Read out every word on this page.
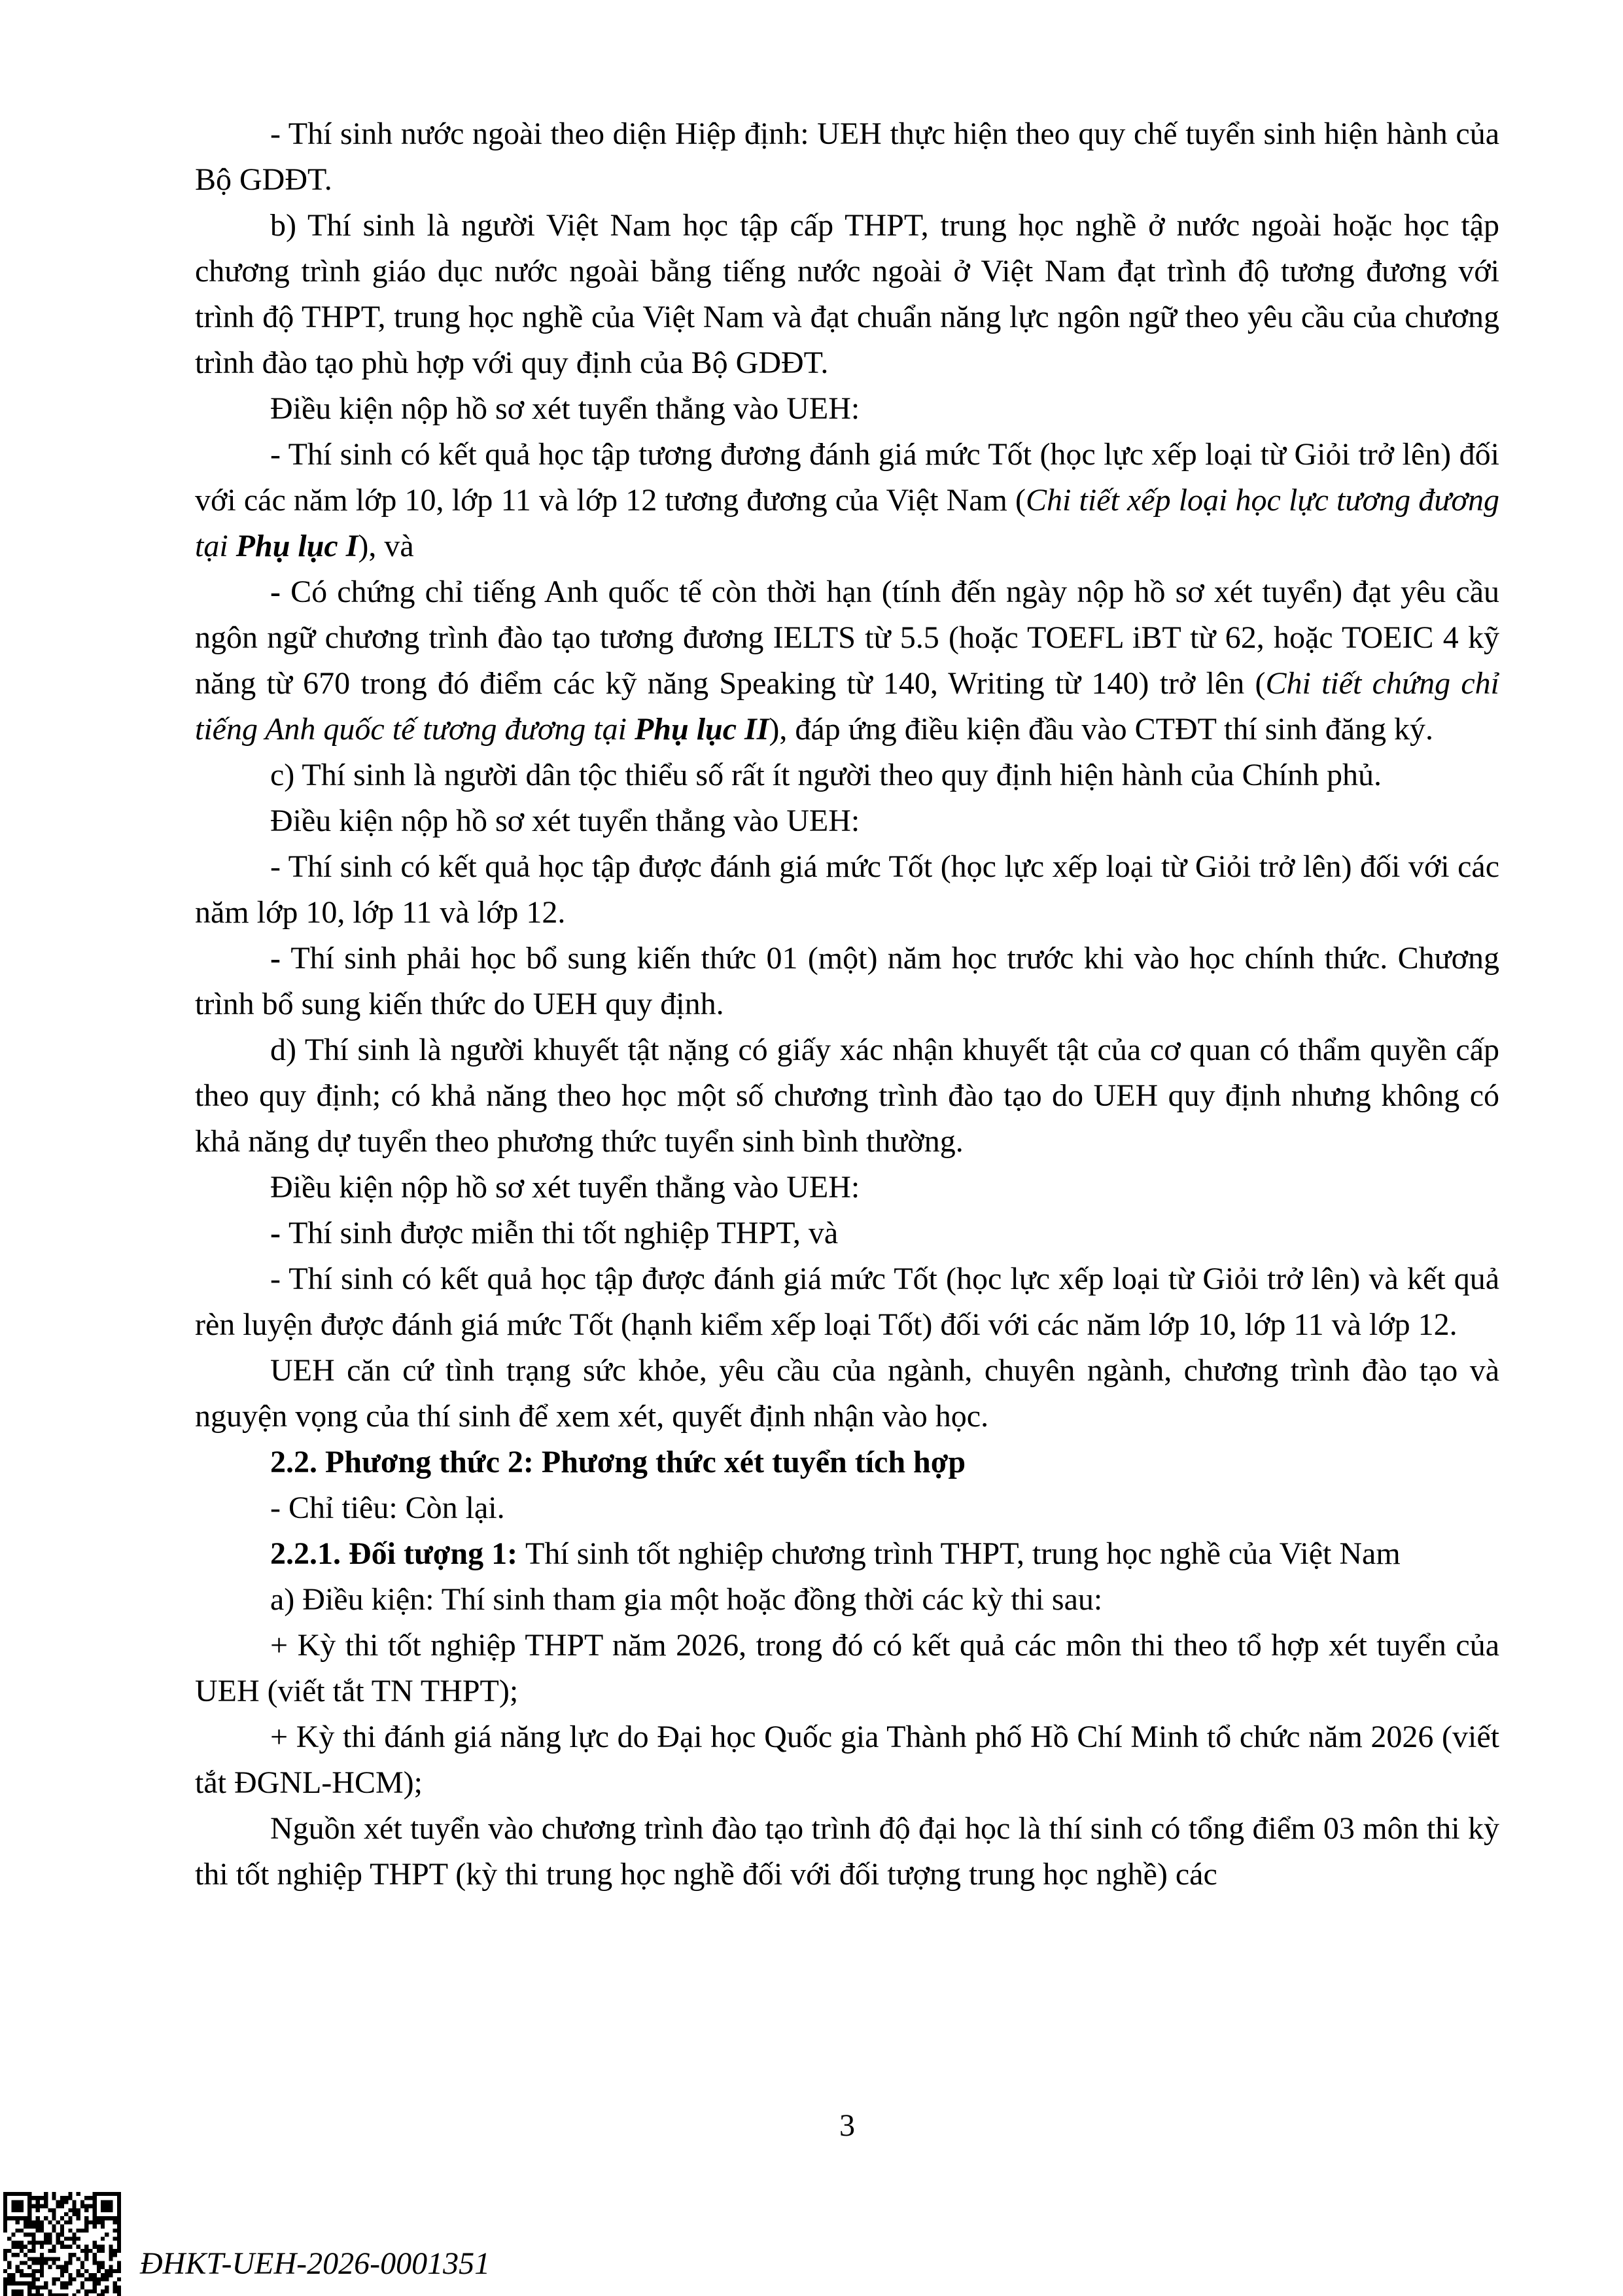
- Thí sinh nước ngoài theo diện Hiệp định: UEH thực hiện theo quy chế tuyển sinh hiện hành của Bộ GDĐT.

b) Thí sinh là người Việt Nam học tập cấp THPT, trung học nghề ở nước ngoài hoặc học tập chương trình giáo dục nước ngoài bằng tiếng nước ngoài ở Việt Nam đạt trình độ tương đương với trình độ THPT, trung học nghề của Việt Nam và đạt chuẩn năng lực ngôn ngữ theo yêu cầu của chương trình đào tạo phù hợp với quy định của Bộ GDĐT.

Điều kiện nộp hồ sơ xét tuyển thẳng vào UEH:

- Thí sinh có kết quả học tập tương đương đánh giá mức Tốt (học lực xếp loại từ Giỏi trở lên) đối với các năm lớp 10, lớp 11 và lớp 12 tương đương của Việt Nam (Chi tiết xếp loại học lực tương đương tại Phụ lục I), và

- Có chứng chỉ tiếng Anh quốc tế còn thời hạn (tính đến ngày nộp hồ sơ xét tuyển) đạt yêu cầu ngôn ngữ chương trình đào tạo tương đương IELTS từ 5.5 (hoặc TOEFL iBT từ 62, hoặc TOEIC 4 kỹ năng từ 670 trong đó điểm các kỹ năng Speaking từ 140, Writing từ 140) trở lên (Chi tiết chứng chỉ tiếng Anh quốc tế tương đương tại Phụ lục II), đáp ứng điều kiện đầu vào CTĐT thí sinh đăng ký.

c) Thí sinh là người dân tộc thiểu số rất ít người theo quy định hiện hành của Chính phủ.

Điều kiện nộp hồ sơ xét tuyển thẳng vào UEH:

- Thí sinh có kết quả học tập được đánh giá mức Tốt (học lực xếp loại từ Giỏi trở lên) đối với các năm lớp 10, lớp 11 và lớp 12.

- Thí sinh phải học bổ sung kiến thức 01 (một) năm học trước khi vào học chính thức. Chương trình bổ sung kiến thức do UEH quy định.

d) Thí sinh là người khuyết tật nặng có giấy xác nhận khuyết tật của cơ quan có thẩm quyền cấp theo quy định; có khả năng theo học một số chương trình đào tạo do UEH quy định nhưng không có khả năng dự tuyển theo phương thức tuyển sinh bình thường.

Điều kiện nộp hồ sơ xét tuyển thẳng vào UEH:

- Thí sinh được miễn thi tốt nghiệp THPT, và

- Thí sinh có kết quả học tập được đánh giá mức Tốt (học lực xếp loại từ Giỏi trở lên) và kết quả rèn luyện được đánh giá mức Tốt (hạnh kiểm xếp loại Tốt) đối với các năm lớp 10, lớp 11 và lớp 12.

UEH căn cứ tình trạng sức khỏe, yêu cầu của ngành, chuyên ngành, chương trình đào tạo và nguyện vọng của thí sinh để xem xét, quyết định nhận vào học.

2.2. Phương thức 2: Phương thức xét tuyển tích hợp

- Chỉ tiêu: Còn lại.

2.2.1. Đối tượng 1: Thí sinh tốt nghiệp chương trình THPT, trung học nghề của Việt Nam

a) Điều kiện: Thí sinh tham gia một hoặc đồng thời các kỳ thi sau:

+ Kỳ thi tốt nghiệp THPT năm 2026, trong đó có kết quả các môn thi theo tổ hợp xét tuyển của UEH (viết tắt TN THPT);

+ Kỳ thi đánh giá năng lực do Đại học Quốc gia Thành phố Hồ Chí Minh tổ chức năm 2026 (viết tắt ĐGNL-HCM);

Nguồn xét tuyển vào chương trình đào tạo trình độ đại học là thí sinh có tổng điểm 03 môn thi kỳ thi tốt nghiệp THPT (kỳ thi trung học nghề đối với đối tượng trung học nghề) các

3
ĐHKT-UEH-2026-0001351
